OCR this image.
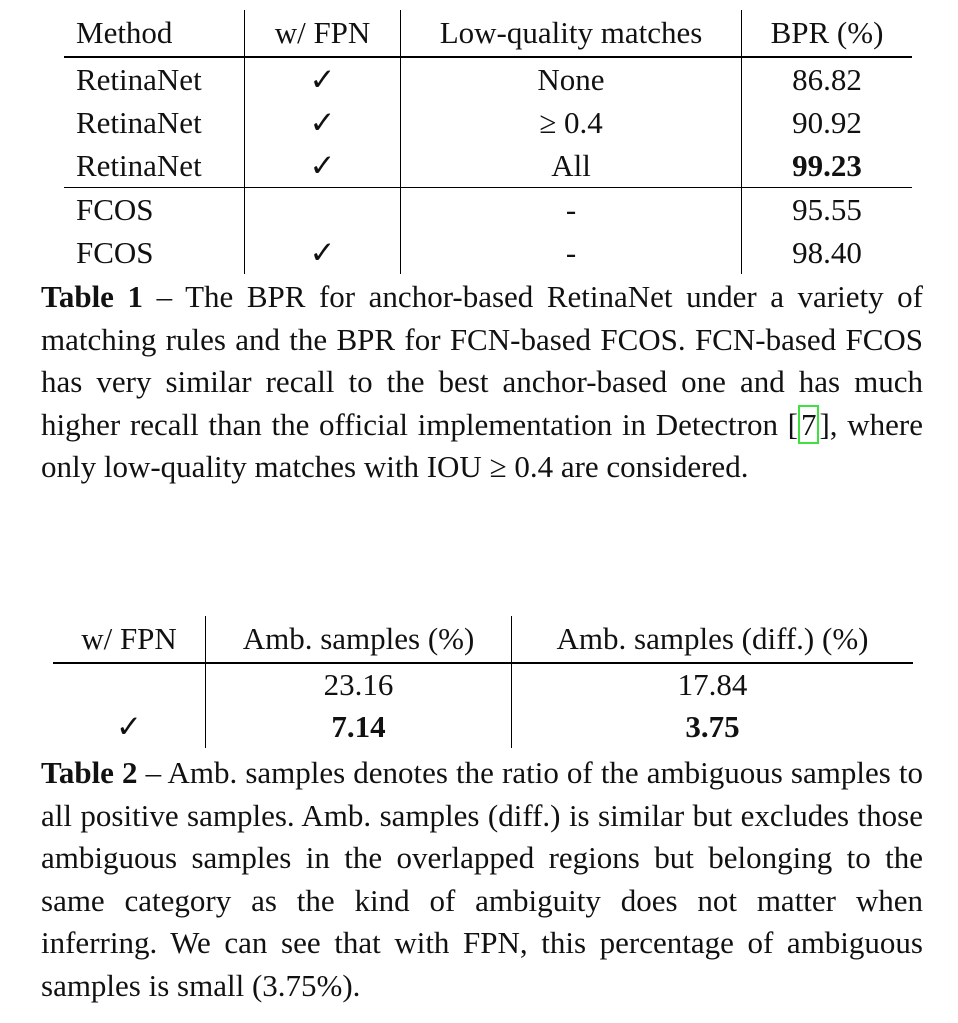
Method	w/ FPN	Low-quality matches	BPR (%)
RetinaNet	✓	None	86.82
RetinaNet	✓	≥ 0.4	90.92
RetinaNet	✓	All	99.23
FCOS		-	95.55
FCOS	✓	-	98.40

Table 1 – The BPR for anchor-based RetinaNet under a variety of matching rules and the BPR for FCN-based FCOS. FCN-based FCOS has very similar recall to the best anchor-based one and has much higher recall than the official implementation in Detectron [7], where only low-quality matches with IOU ≥ 0.4 are considered.

w/ FPN	Amb. samples (%)	Amb. samples (diff.) (%)
	23.16	17.84
✓	7.14	3.75

Table 2 – Amb. samples denotes the ratio of the ambiguous samples to all positive samples. Amb. samples (diff.) is similar but excludes those ambiguous samples in the overlapped regions but belonging to the same category as the kind of ambiguity does not matter when inferring. We can see that with FPN, this percentage of ambiguous samples is small (3.75%).
